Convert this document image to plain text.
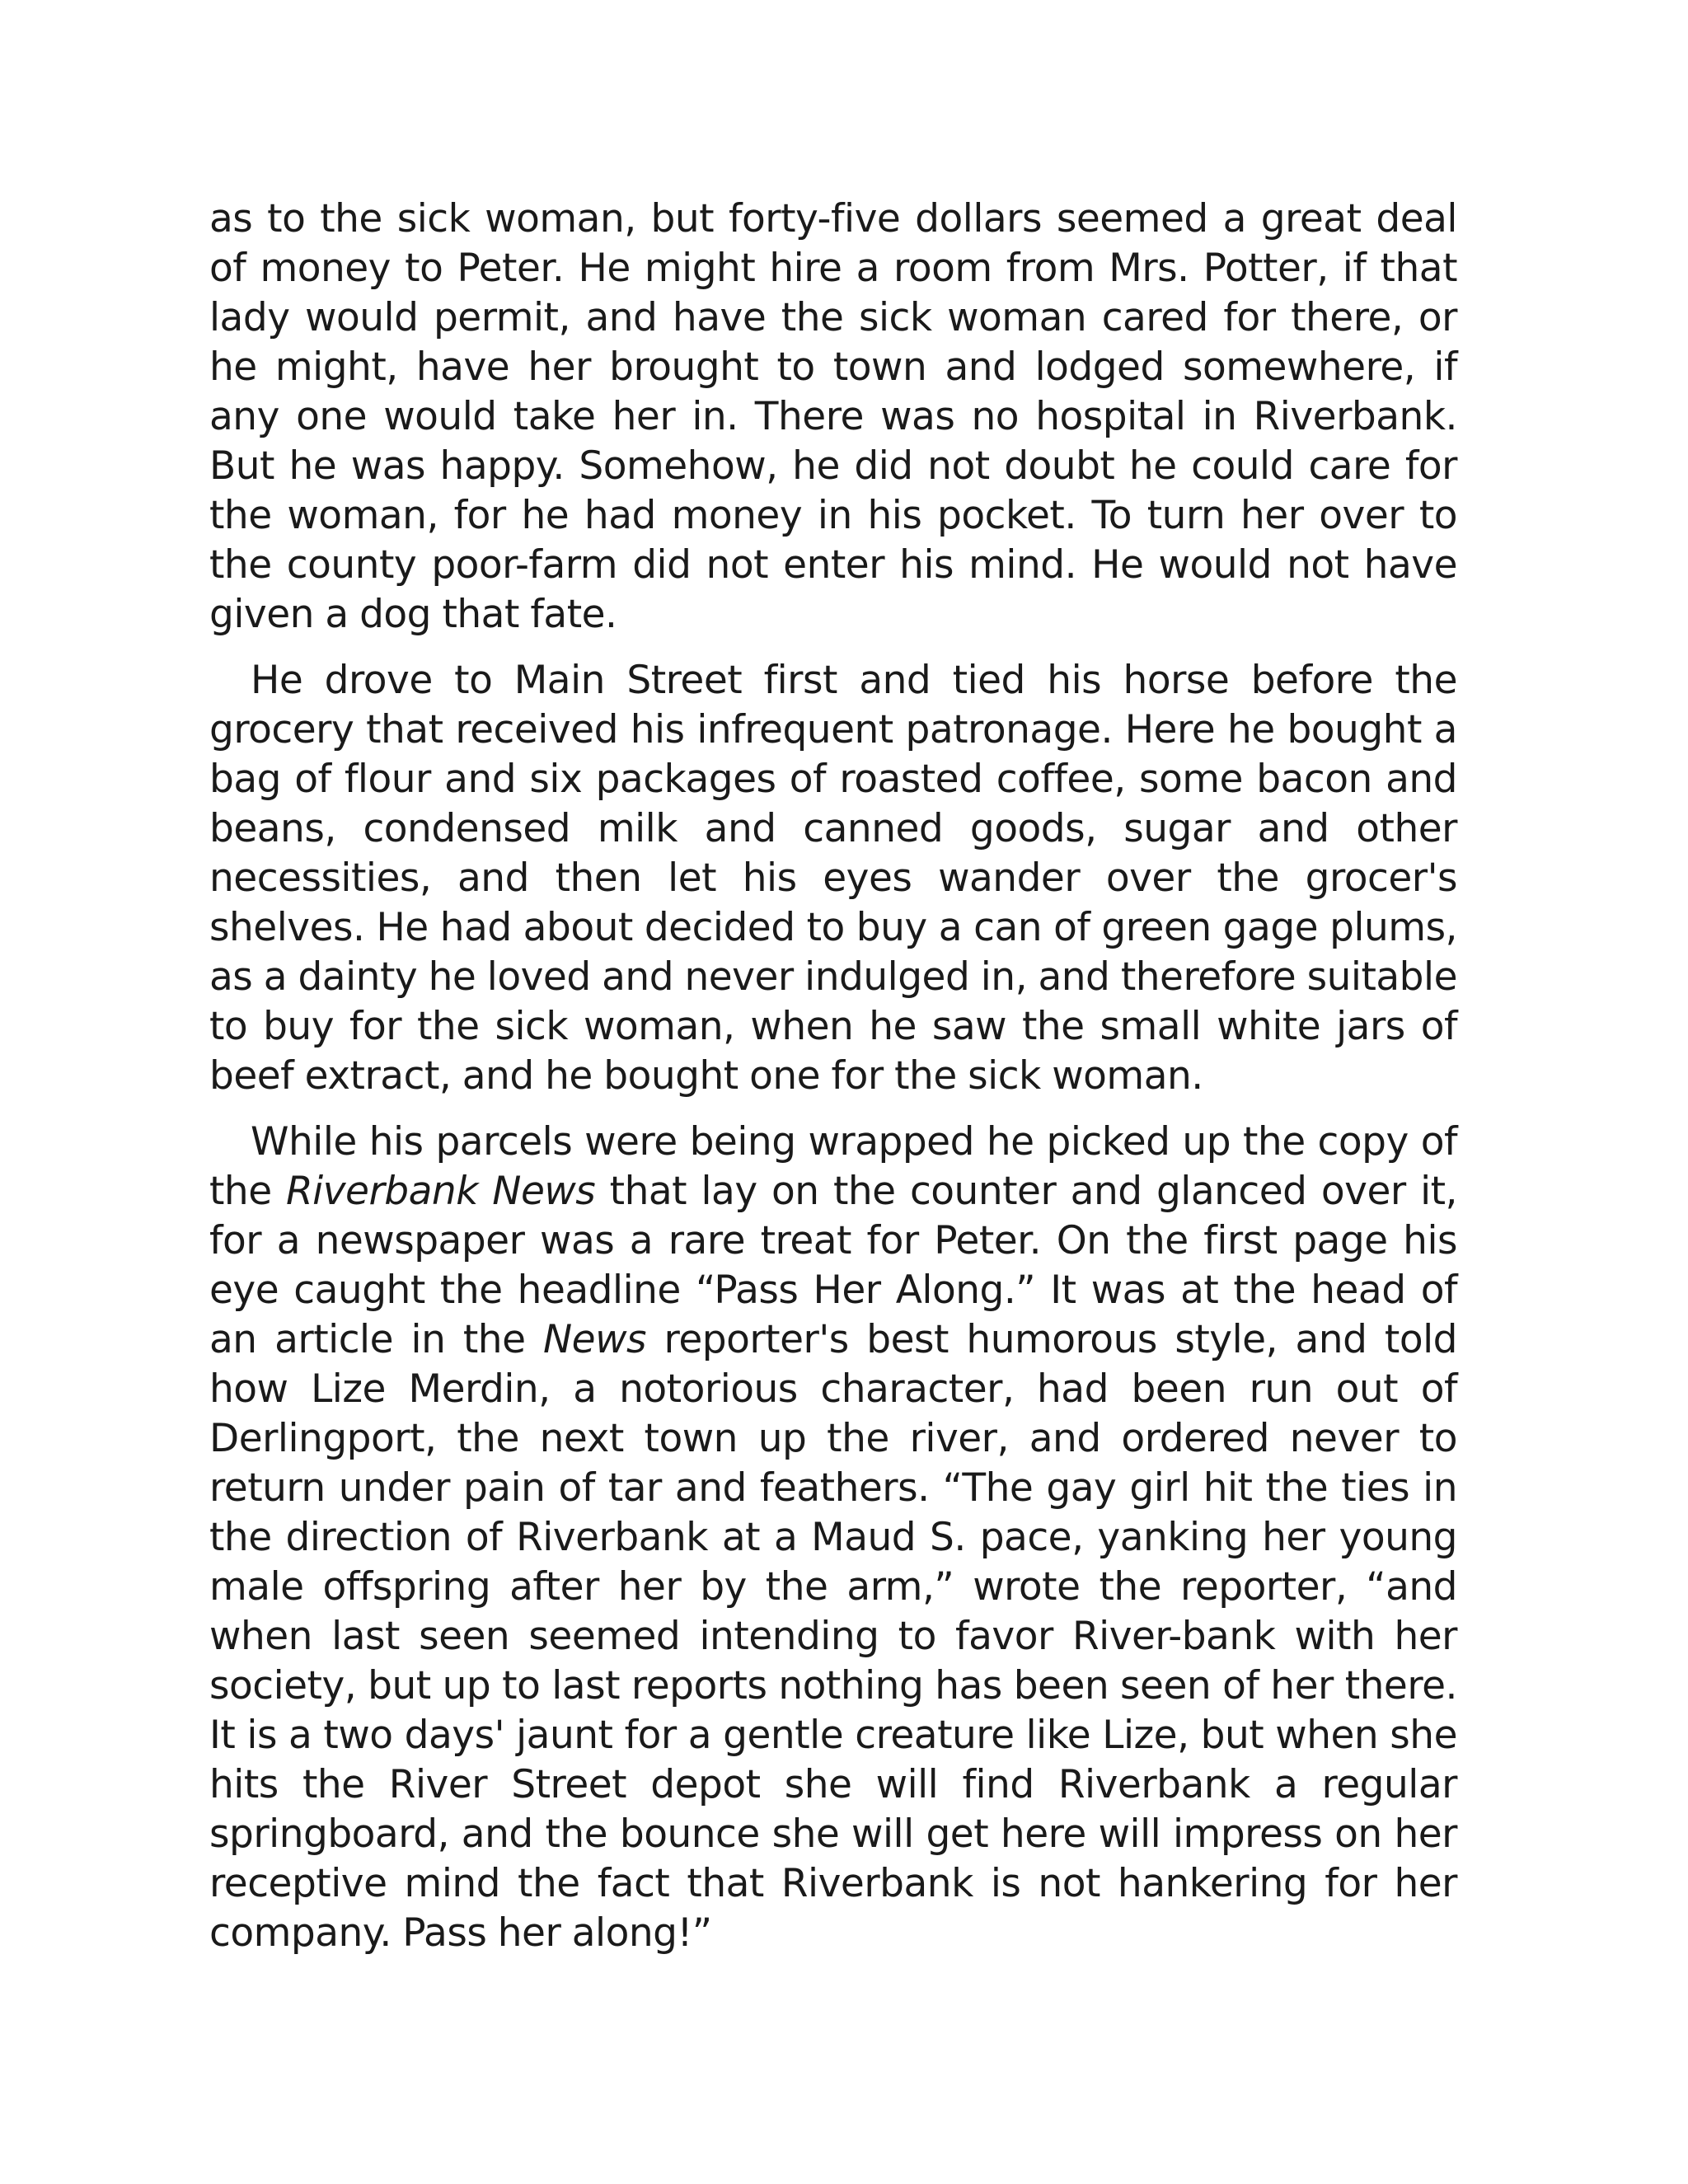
as to the sick woman, but forty-five dollars seemed a great deal of money to Peter. He might hire a room from Mrs. Potter, if that lady would permit, and have the sick woman cared for there, or he might, have her brought to town and lodged somewhere, if any one would take her in. There was no hospital in Riverbank. But he was happy. Somehow, he did not doubt he could care for the woman, for he had money in his pocket. To turn her over to the county poor-farm did not enter his mind. He would not have given a dog that fate.

He drove to Main Street first and tied his horse before the grocery that received his infrequent patronage. Here he bought a bag of flour and six packages of roasted coffee, some bacon and beans, condensed milk and canned goods, sugar and other necessities, and then let his eyes wander over the grocer's shelves. He had about decided to buy a can of green gage plums, as a dainty he loved and never indulged in, and therefore suitable to buy for the sick woman, when he saw the small white jars of beef extract, and he bought one for the sick woman.

While his parcels were being wrapped he picked up the copy of the Riverbank News that lay on the counter and glanced over it, for a newspaper was a rare treat for Peter. On the first page his eye caught the headline “Pass Her Along.” It was at the head of an article in the News reporter's best humorous style, and told how Lize Merdin, a notorious character, had been run out of Derlingport, the next town up the river, and ordered never to return under pain of tar and feathers. “The gay girl hit the ties in the direction of Riverbank at a Maud S. pace, yanking her young male offspring after her by the arm,” wrote the reporter, “and when last seen seemed intending to favor River-bank with her society, but up to last reports nothing has been seen of her there. It is a two days' jaunt for a gentle creature like Lize, but when she hits the River Street depot she will find Riverbank a regular springboard, and the bounce she will get here will impress on her receptive mind the fact that Riverbank is not hankering for her company. Pass her along!”
